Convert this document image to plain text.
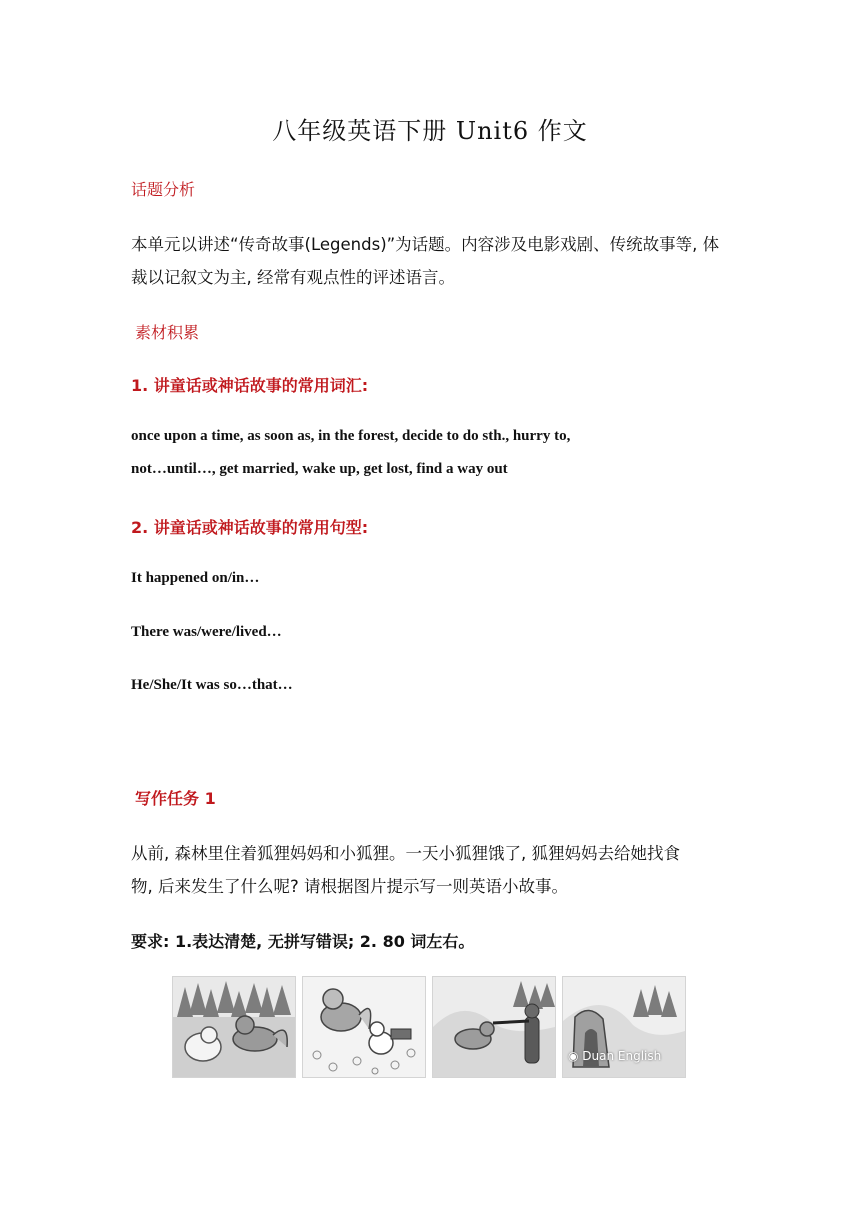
八年级英语下册 Unit6 作文
话题分析
本单元以讲述“传奇故事(Legends)”为话题。内容涉及电影戏剧、传统故事等, 体
裁以记叙文为主, 经常有观点性的评述语言。
素材积累
1. 讲童话或神话故事的常用词汇:
once upon a time, as soon as, in the forest, decide to do sth., hurry to,
not…until…, get married, wake up, get lost, find a way out
2. 讲童话或神话故事的常用句型:
It happened on/in…
There was/were/lived…
He/She/It was so…that…
写作任务 1
从前, 森林里住着狐狸妈妈和小狐狸。一天小狐狸饿了, 狐狸妈妈去给她找食
物, 后来发生了什么呢? 请根据图片提示写一则英语小故事。
要求: 1.表达清楚, 无拼写错误; 2. 80 词左右。
◉ Duan English
